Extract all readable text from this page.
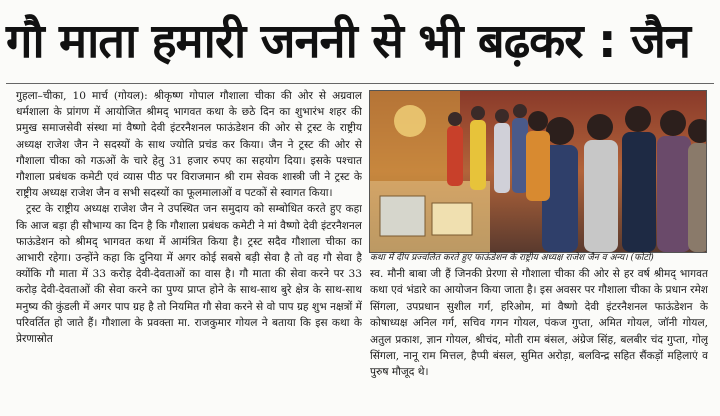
गौ माता हमारी जननी से भी बढ़कर : जैन

गुहला–चीका, 10 मार्च (गोयल): श्रीकृष्ण गोपाल गौशाला चीका की ओर से अग्रवाल धर्मशाला के प्रांगण में आयोजित श्रीमद् भागवत कथा के छठे दिन का शुभारंभ शहर की प्रमुख समाजसेवी संस्था मां वैष्णो देवी इंटरनैशनल फाऊंडेशन की ओर से ट्रस्ट के राष्ट्रीय अध्यक्ष राजेश जैन ने सदस्यों के साथ ज्योति प्रचंड कर किया। जैन ने ट्रस्ट की ओर से गौशाला चीका को गऊओं के चारे हेतु 31 हजार रुपए का सहयोग दिया। इसके पश्चात गौशाला प्रबंधक कमेटी एवं व्यास पीठ पर विराजमान श्री राम सेवक शास्त्री जी ने ट्रस्ट के राष्ट्रीय अध्यक्ष राजेश जैन व सभी सदस्यों का फूलमालाओं व पटकों से स्वागत किया।

ट्रस्ट के राष्ट्रीय अध्यक्ष राजेश जैन ने उपस्थित जन समुदाय को सम्बोधित करते हुए कहा कि आज बड़ा ही सौभाग्य का दिन है कि गौशाला प्रबंधक कमेटी ने मां वैष्णो देवी इंटरनैशनल फाऊंडेशन को श्रीमद् भागवत कथा में आमंत्रित किया है। ट्रस्ट सदैव गौशाला चीका का आभारी रहेगा। उन्होंने कहा कि दुनिया में अगर कोई सबसे बड़ी सेवा है तो वह गौ सेवा है क्योंकि गौ माता में 33 करोड़ देवी-देवताओं का वास है। गौ माता की सेवा करने पर 33 करोड़ देवी-देवताओं की सेवा करने का पुण्य प्राप्त होने के साथ-साथ बुरे क्षेत्र के साथ-साथ मनुष्य की कुंडली में अगर पाप ग्रह है तो नियमित गौ सेवा करने से वो पाप ग्रह शुभ नक्षत्रों में परिवर्तित हो जाते हैं। गौशाला के प्रवक्ता मा. राजकुमार गोयल ने बताया कि इस कथा के प्रेरणास्रोत

कथा में दीप प्रज्वलित करते हुए फाऊंडेशन के राष्ट्रीय अध्यक्ष राजेश जैन व अन्य। (फोटो)

स्व. मौनी बाबा जी हैं जिनकी प्रेरणा से गौशाला चीका की ओर से हर वर्ष श्रीमद् भागवत कथा एवं भंडारे का आयोजन किया जाता है। इस अवसर पर गौशाला चीका के प्रधान रमेश सिंगला, उपप्रधान सुशील गर्ग, हरिओम, मां वैष्णो देवी इंटरनैशनल फाऊंडेशन के कोषाध्यक्ष अनिल गर्ग, सचिव गगन गोयल, पंकज गुप्ता, अमित गोयल, जॉनी गोयल, अतुल प्रकाश, ज्ञान गोयल, श्रीचंद, मोती राम बंसल, अंग्रेज सिंह, बलबीर चंद गुप्ता, गोलू सिंगला, नानू राम मित्तल, हैप्पी बंसल, सुमित अरोड़ा, बलविन्द्र सहित सैंकड़ों महिलाएं व पुरुष मौजूद थे।
